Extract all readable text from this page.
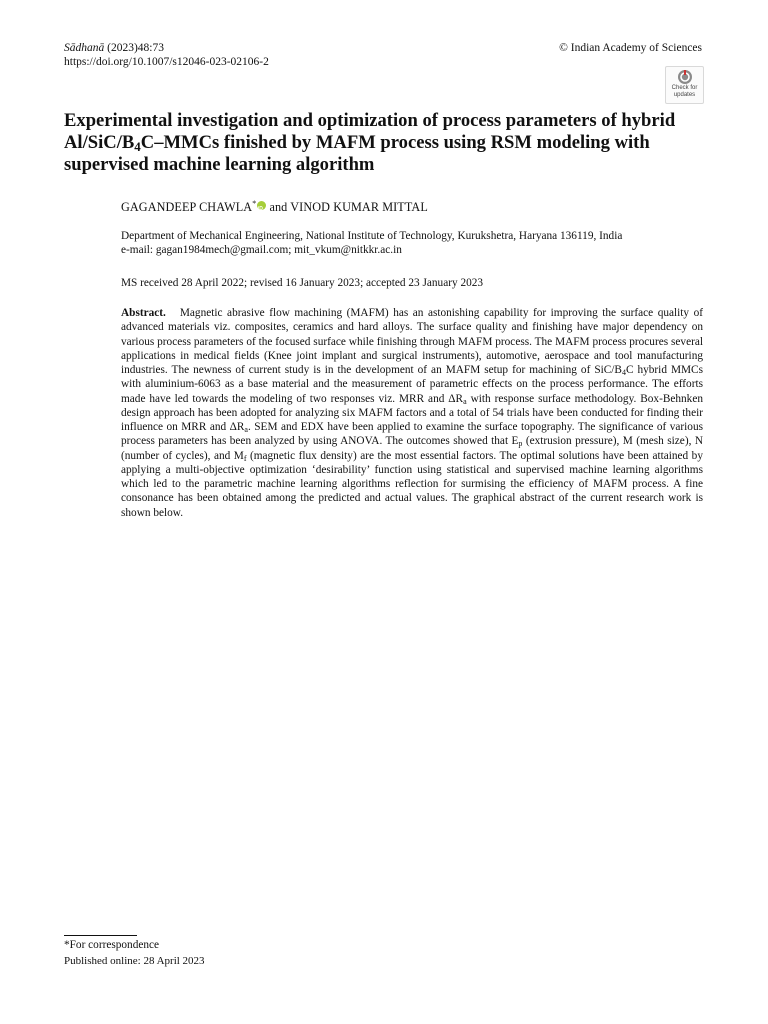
Sādhanā (2023)48:73
https://doi.org/10.1007/s12046-023-02106-2
© Indian Academy of Sciences
Check for
updates
Experimental investigation and optimization of process parameters of hybrid $Al/SiC/B_4C$–MMCs finished by MAFM process using RSM modeling with supervised machine learning algorithm
GAGANDEEP CHAWLA*iD and VINOD KUMAR MITTAL
Department of Mechanical Engineering, National Institute of Technology, Kurukshetra, Haryana 136119, India
e-mail: gagan1984mech@gmail.com; mit_vkum@nitkkr.ac.in
MS received 28 April 2022; revised 16 January 2023; accepted 23 January 2023

Abstract. Magnetic abrasive flow machining (MAFM) has an astonishing capability for improving the surface quality of advanced materials viz. composites, ceramics and hard alloys. The surface quality and finishing have major dependency on various process parameters of the focused surface while finishing through MAFM process. The MAFM process procures several applications in medical fields (Knee joint implant and surgical instruments), automotive, aerospace and tool manufacturing industries. The newness of current study is in the development of an MAFM setup for machining of SiC/$B_4C$ hybrid MMCs with aluminium-6063 as a base material and the measurement of parametric effects on the process performance. The efforts made have led towards the modeling of two responses viz. MRR and $\Delta R_a$ with response surface methodology. Box-Behnken design approach has been adopted for analyzing six MAFM factors and a total of 54 trials have been conducted for finding their influence on MRR and $\Delta R_a$. SEM and EDX have been applied to examine the surface topography. The significance of various process parameters has been analyzed by using ANOVA. The outcomes showed that $E_p$ (extrusion pressure), M (mesh size), N (number of cycles), and $M_f$ (magnetic flux density) are the most essential factors. The optimal solutions have been attained by applying a multi-objective optimization ‘desirability’ function using statistical and supervised machine learning algorithms which led to the parametric machine learning algorithms reflection for surmising the efficiency of MAFM process. A fine consonance has been obtained among the predicted and actual values. The graphical abstract of the current research work is shown below.

*For correspondence
Published online: 28 April 2023
